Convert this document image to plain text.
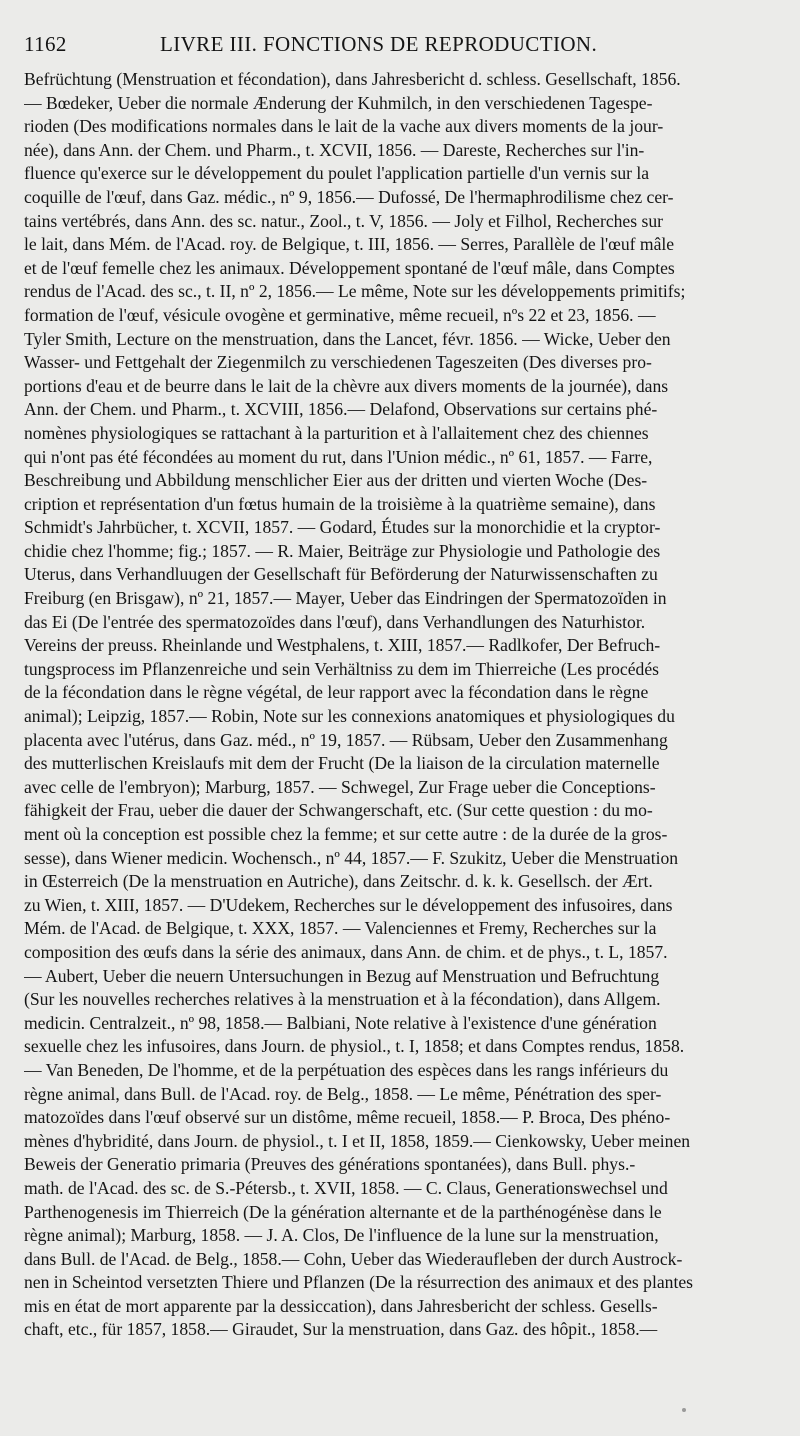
1162	LIVRE III. FONCTIONS DE REPRODUCTION.
Befrüchtung (Menstruation et fécondation), dans Jahresbericht d. schless. Gesellschaft, 1856.
— Bœdeker, Ueber die normale Ænderung der Kuhmilch, in den verschiedenen Tagespe-
rioden (Des modifications normales dans le lait de la vache aux divers moments de la jour-
née), dans Ann. der Chem. und Pharm., t. XCVII, 1856. — Dareste, Recherches sur l'in-
fluence qu'exerce sur le développement du poulet l'application partielle d'un vernis sur la
coquille de l'œuf, dans Gaz. médic., nº 9, 1856.— Dufossé, De l'hermaphrodilisme chez cer-
tains vertébrés, dans Ann. des sc. natur., Zool., t. V, 1856. — Joly et Filhol, Recherches sur
le lait, dans Mém. de l'Acad. roy. de Belgique, t. III, 1856. — Serres, Parallèle de l'œuf mâle
et de l'œuf femelle chez les animaux. Développement spontané de l'œuf mâle, dans Comptes
rendus de l'Acad. des sc., t. II, nº 2, 1856.— Le même, Note sur les développements primitifs;
formation de l'œuf, vésicule ovogène et germinative, même recueil, nºs 22 et 23, 1856. —
Tyler Smith, Lecture on the menstruation, dans the Lancet, févr. 1856. — Wicke, Ueber den
Wasser- und Fettgehalt der Ziegenmilch zu verschiedenen Tageszeiten (Des diverses pro-
portions d'eau et de beurre dans le lait de la chèvre aux divers moments de la journée), dans
Ann. der Chem. und Pharm., t. XCVIII, 1856.— Delafond, Observations sur certains phé-
nomènes physiologiques se rattachant à la parturition et à l'allaitement chez des chiennes
qui n'ont pas été fécondées au moment du rut, dans l'Union médic., nº 61, 1857. — Farre,
Beschreibung und Abbildung menschlicher Eier aus der dritten und vierten Woche (Des-
cription et représentation d'un fœtus humain de la troisième à la quatrième semaine), dans
Schmidt's Jahrbücher, t. XCVII, 1857. — Godard, Études sur la monorchidie et la cryptor-
chidie chez l'homme; fig.; 1857. — R. Maier, Beiträge zur Physiologie und Pathologie des
Uterus, dans Verhandluugen der Gesellschaft für Beförderung der Naturwissenschaften zu
Freiburg (en Brisgaw), nº 21, 1857.— Mayer, Ueber das Eindringen der Spermatozoïden in
das Ei (De l'entrée des spermatozoïdes dans l'œuf), dans Verhandlungen des Naturhistor.
Vereins der preuss. Rheinlande und Westphalens, t. XIII, 1857.— Radlkofer, Der Befruch-
tungsprocess im Pflanzenreiche und sein Verhältniss zu dem im Thierreiche (Les procédés
de la fécondation dans le règne végétal, de leur rapport avec la fécondation dans le règne
animal); Leipzig, 1857.— Robin, Note sur les connexions anatomiques et physiologiques du
placenta avec l'utérus, dans Gaz. méd., nº 19, 1857. — Rübsam, Ueber den Zusammenhang
des mutterlischen Kreislaufs mit dem der Frucht (De la liaison de la circulation maternelle
avec celle de l'embryon); Marburg, 1857. — Schwegel, Zur Frage ueber die Conceptions-
fähigkeit der Frau, ueber die dauer der Schwangerschaft, etc. (Sur cette question : du mo-
ment où la conception est possible chez la femme; et sur cette autre : de la durée de la gros-
sesse), dans Wiener medicin. Wochensch., nº 44, 1857.— F. Szukitz, Ueber die Menstruation
in Œsterreich (De la menstruation en Autriche), dans Zeitschr. d. k. k. Gesellsch. der Ært.
zu Wien, t. XIII, 1857. — D'Udekem, Recherches sur le développement des infusoires, dans
Mém. de l'Acad. de Belgique, t. XXX, 1857. — Valenciennes et Fremy, Recherches sur la
composition des œufs dans la série des animaux, dans Ann. de chim. et de phys., t. L, 1857.
— Aubert, Ueber die neuern Untersuchungen in Bezug auf Menstruation und Befruchtung
(Sur les nouvelles recherches relatives à la menstruation et à la fécondation), dans Allgem.
medicin. Centralzeit., nº 98, 1858.— Balbiani, Note relative à l'existence d'une génération
sexuelle chez les infusoires, dans Journ. de physiol., t. I, 1858; et dans Comptes rendus, 1858.
— Van Beneden, De l'homme, et de la perpétuation des espèces dans les rangs inférieurs du
règne animal, dans Bull. de l'Acad. roy. de Belg., 1858. — Le même, Pénétration des sper-
matozoïdes dans l'œuf observé sur un distôme, même recueil, 1858.— P. Broca, Des phéno-
mènes d'hybridité, dans Journ. de physiol., t. I et II, 1858, 1859.— Cienkowsky, Ueber meinen
Beweis der Generatio primaria (Preuves des générations spontanées), dans Bull. phys.-
math. de l'Acad. des sc. de S.-Pétersb., t. XVII, 1858. — C. Claus, Generationswechsel und
Parthenogenesis im Thierreich (De la génération alternante et de la parthénogénèse dans le
règne animal); Marburg, 1858. — J. A. Clos, De l'influence de la lune sur la menstruation,
dans Bull. de l'Acad. de Belg., 1858.— Cohn, Ueber das Wiederaufleben der durch Austrock-
nen in Scheintod versetzten Thiere und Pflanzen (De la résurrection des animaux et des plantes
mis en état de mort apparente par la dessiccation), dans Jahresbericht der schless. Gesells-
chaft, etc., für 1857, 1858.— Giraudet, Sur la menstruation, dans Gaz. des hôpit., 1858.—
